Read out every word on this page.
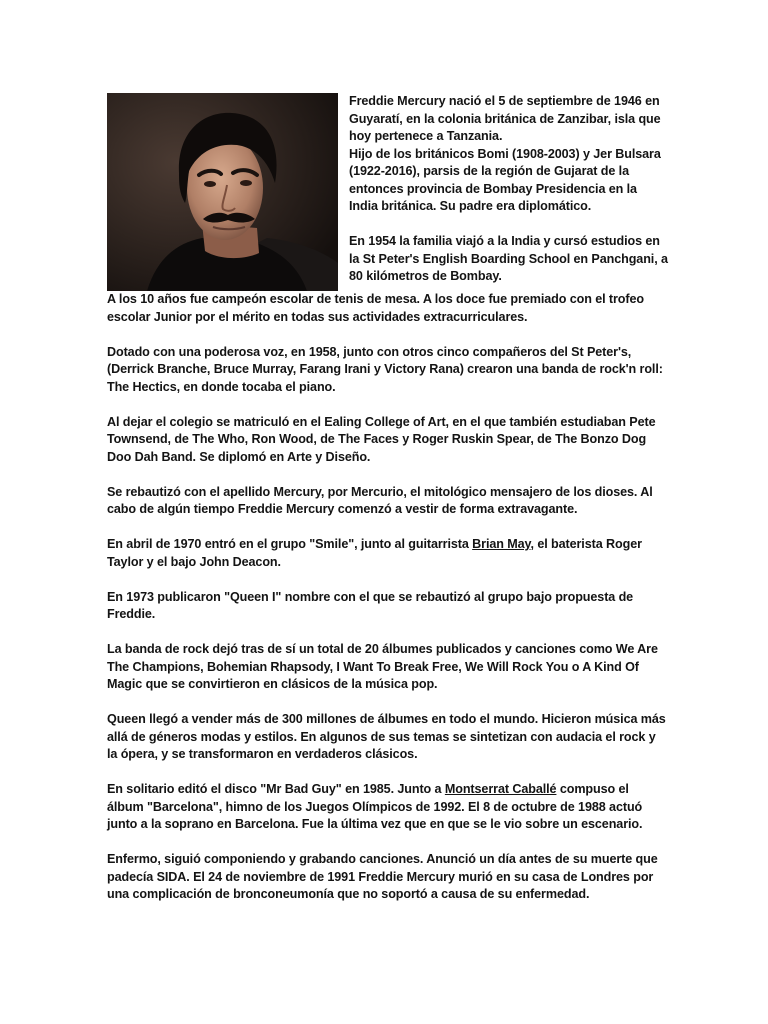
Freddie Mercury nació el 5 de septiembre de 1946 en Guyaratí, en la colonia británica de Zanzibar, isla que hoy pertenece a Tanzania.

Hijo de los británicos Bomi (1908-2003) y Jer Bulsara (1922-2016), parsis de la región de Gujarat de la entonces provincia de Bombay Presidencia en la India británica. Su padre era diplomático.

En 1954 la familia viajó a la India y cursó estudios en la St Peter's English Boarding School en Panchgani, a 80 kilómetros de Bombay.

A los 10 años fue campeón escolar de tenis de mesa. A los doce fue premiado con el trofeo escolar Junior por el mérito en todas sus actividades extracurriculares.

Dotado con una poderosa voz, en 1958, junto con otros cinco compañeros del St Peter's, (Derrick Branche, Bruce Murray, Farang Irani y Victory Rana) crearon una banda de rock'n roll: The Hectics, en donde tocaba el piano.

Al dejar el colegio se matriculó en el Ealing College of Art, en el que también estudiaban Pete Townsend, de The Who, Ron Wood, de The Faces y Roger Ruskin Spear, de The Bonzo Dog Doo Dah Band. Se diplomó en Arte y Diseño.

Se rebautizó con el apellido Mercury, por Mercurio, el mitológico mensajero de los dioses. Al cabo de algún tiempo Freddie Mercury comenzó a vestir de forma extravagante.

En abril de 1970 entró en el grupo "Smile", junto al guitarrista Brian May, el baterista Roger Taylor y el bajo John Deacon.

En 1973 publicaron "Queen I" nombre con el que se rebautizó al grupo bajo propuesta de Freddie.

La banda de rock dejó tras de sí un total de 20 álbumes publicados y canciones como We Are The Champions, Bohemian Rhapsody, I Want To Break Free, We Will Rock You o A Kind Of Magic que se convirtieron en clásicos de la música pop.

Queen llegó a vender más de 300 millones de álbumes en todo el mundo. Hicieron música más allá de géneros modas y estilos. En algunos de sus temas se sintetizan con audacia el rock y la ópera, y se transformaron en verdaderos clásicos.

En solitario editó el disco "Mr Bad Guy" en 1985. Junto a Montserrat Caballé compuso el álbum "Barcelona", himno de los Juegos Olímpicos de 1992. El 8 de octubre de 1988 actuó junto a la soprano en Barcelona. Fue la última vez que en que se le vio sobre un escenario.

Enfermo, siguió componiendo y grabando canciones. Anunció un día antes de su muerte que padecía SIDA. El 24 de noviembre de 1991 Freddie Mercury murió en su casa de Londres por una complicación de bronconeumonía que no soportó a causa de su enfermedad.
